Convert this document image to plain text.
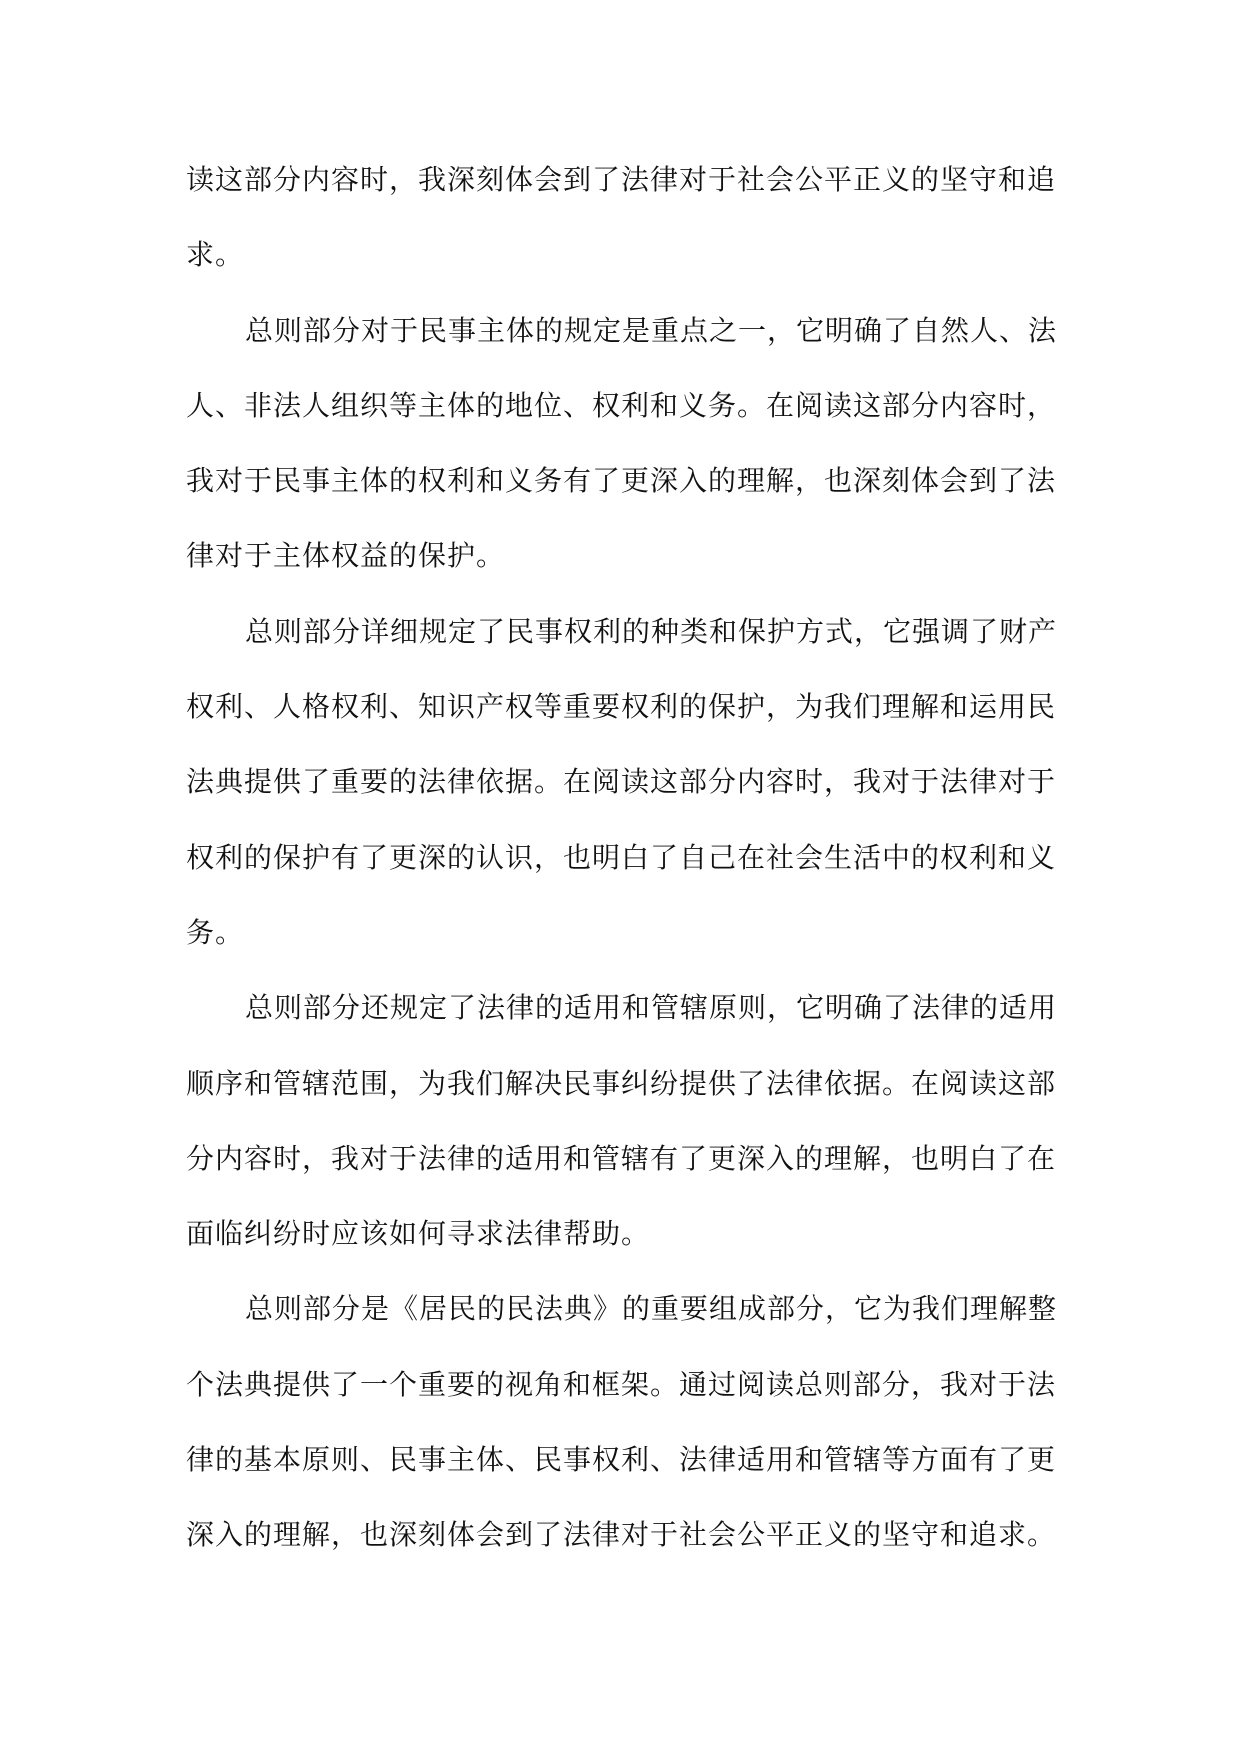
读这部分内容时，我深刻体会到了法律对于社会公平正义的坚守和追
求。
总则部分对于民事主体的规定是重点之一，它明确了自然人、法
人、非法人组织等主体的地位、权利和义务。在阅读这部分内容时，
我对于民事主体的权利和义务有了更深入的理解，也深刻体会到了法
律对于主体权益的保护。
总则部分详细规定了民事权利的种类和保护方式，它强调了财产
权利、人格权利、知识产权等重要权利的保护，为我们理解和运用民
法典提供了重要的法律依据。在阅读这部分内容时，我对于法律对于
权利的保护有了更深的认识，也明白了自己在社会生活中的权利和义
务。
总则部分还规定了法律的适用和管辖原则，它明确了法律的适用
顺序和管辖范围，为我们解决民事纠纷提供了法律依据。在阅读这部
分内容时，我对于法律的适用和管辖有了更深入的理解，也明白了在
面临纠纷时应该如何寻求法律帮助。
总则部分是《居民的民法典》的重要组成部分，它为我们理解整
个法典提供了一个重要的视角和框架。通过阅读总则部分，我对于法
律的基本原则、民事主体、民事权利、法律适用和管辖等方面有了更
深入的理解，也深刻体会到了法律对于社会公平正义的坚守和追求。
